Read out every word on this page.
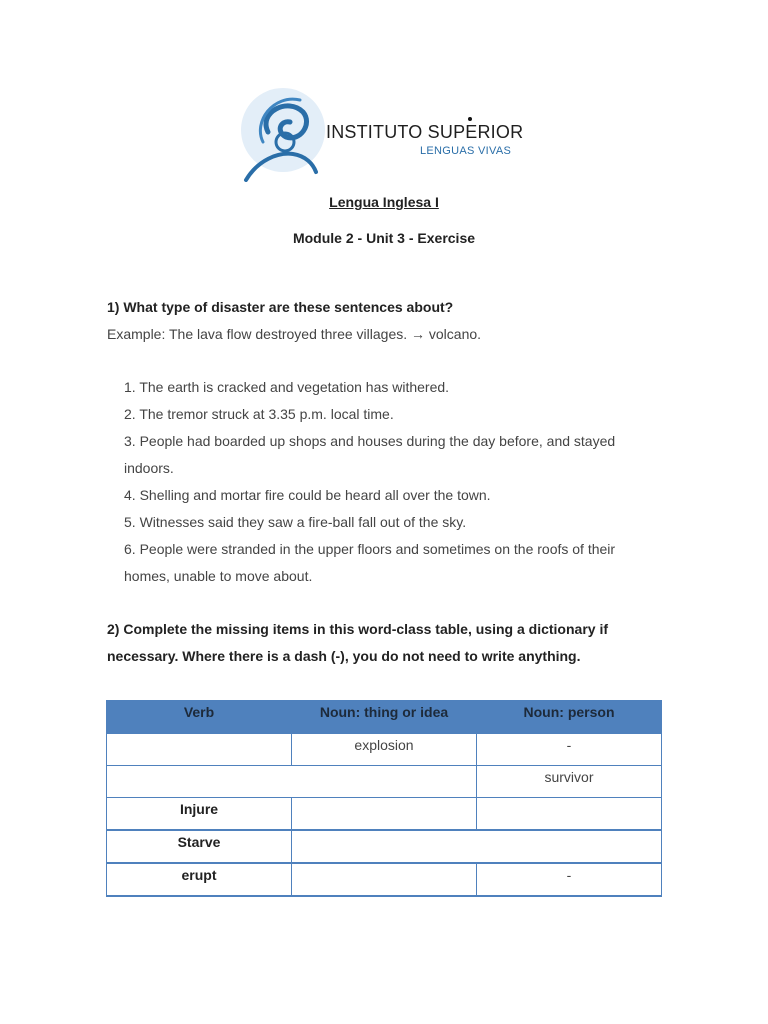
INSTITUTO SUPERIOR
LENGUAS VIVAS
Lengua Inglesa I
Module 2 - Unit 3 - Exercise
1) What type of disaster are these sentences about?
Example: The lava flow destroyed three villages. → volcano.
1. The earth is cracked and vegetation has withered.
2. The tremor struck at 3.35 p.m. local time.
3. People had boarded up shops and houses during the day before, and stayed indoors.
4. Shelling and mortar fire could be heard all over the town.
5. Witnesses said they saw a fire-ball fall out of the sky.
6. People were stranded in the upper floors and sometimes on the roofs of their homes, unable to move about.
2) Complete the missing items in this word-class table, using a dictionary if necessary. Where there is a dash (-), you do not need to write anything.
Verb	Noun: thing or idea	Noun: person
	explosion	-
		survivor
Injure		
Starve		
erupt		-
